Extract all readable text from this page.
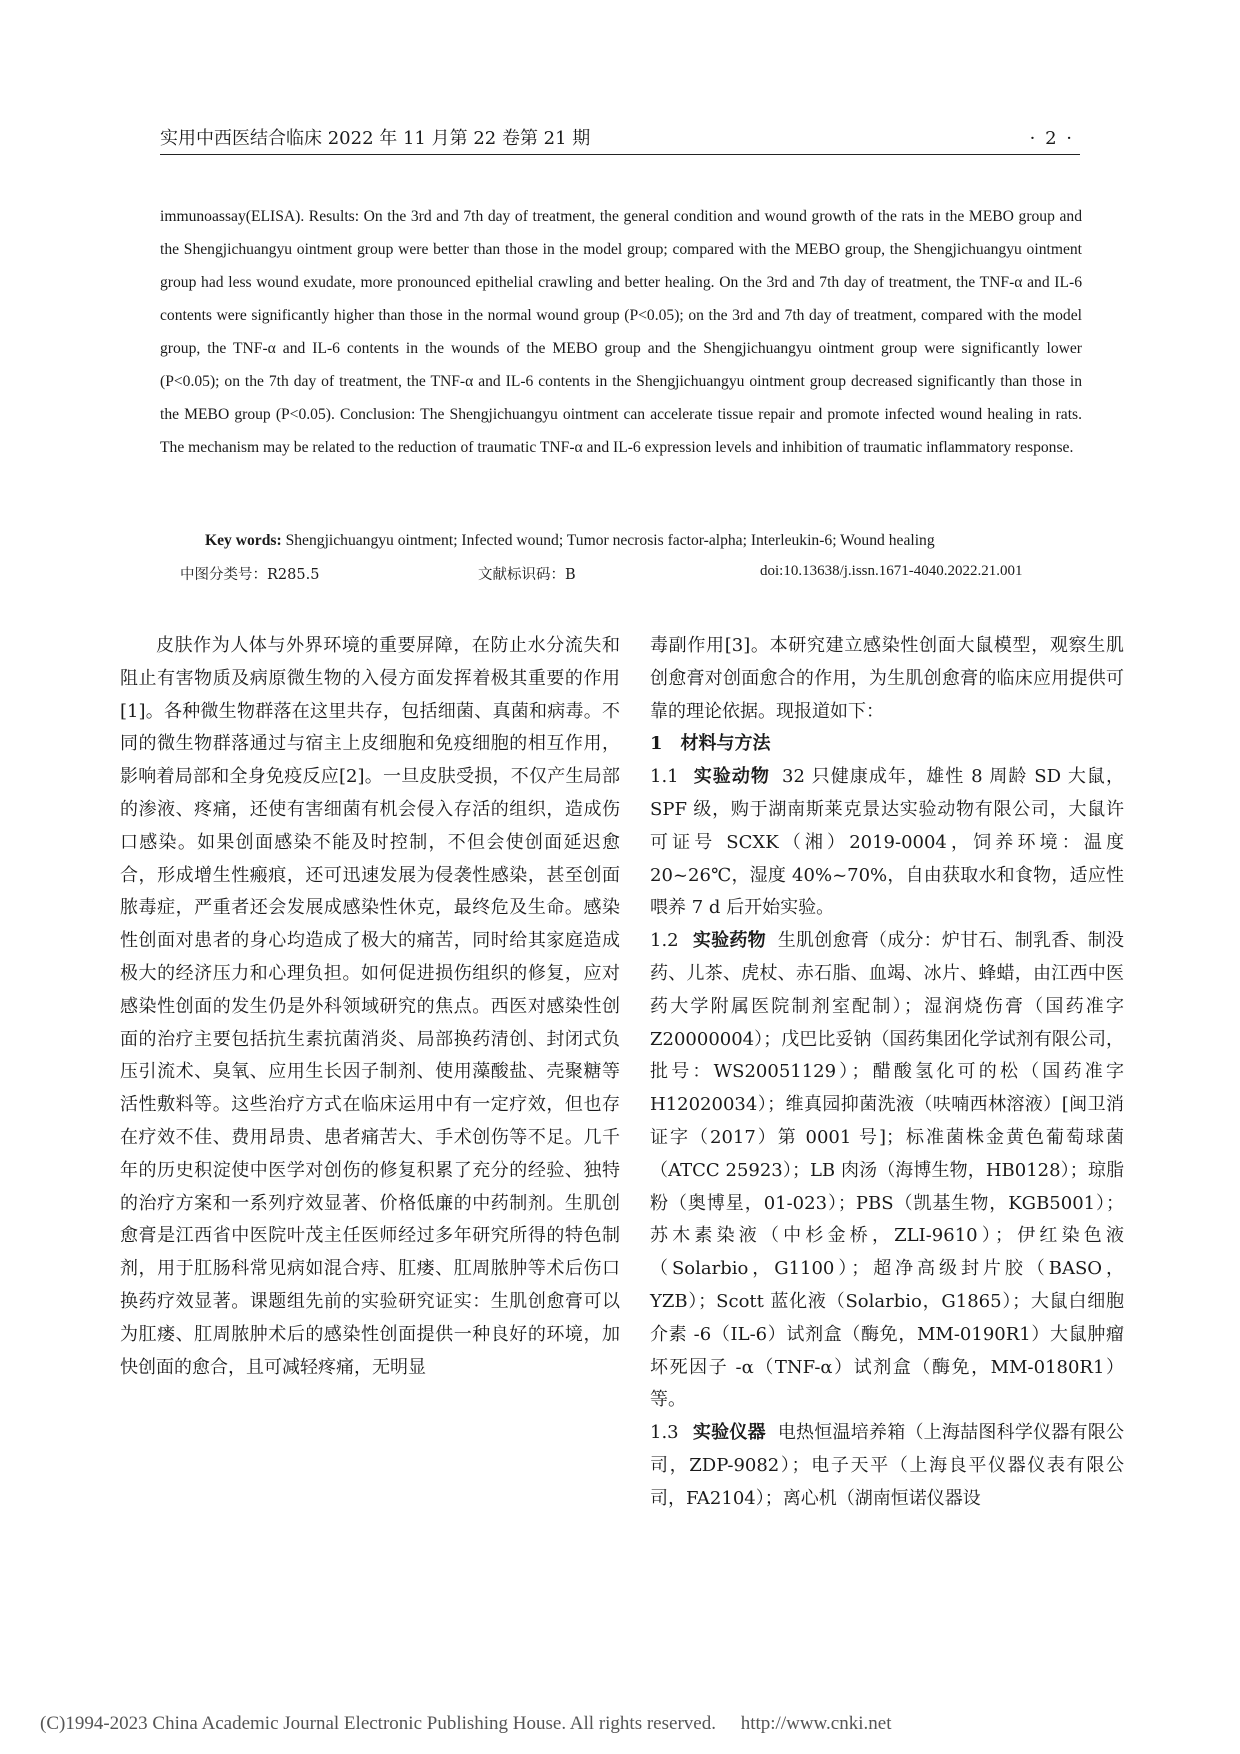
实用中西医结合临床 2022 年 11 月第 22 卷第 21 期	· 2 ·

immunoassay(ELISA). Results: On the 3rd and 7th day of treatment, the general condition and wound growth of the rats in the MEBO group and the Shengjichuangyu ointment group were better than those in the model group; compared with the MEBO group, the Shengjichuangyu ointment group had less wound exudate, more pronounced epithelial crawling and better healing. On the 3rd and 7th day of treatment, the TNF-α and IL-6 contents were significantly higher than those in the normal wound group (P<0.05); on the 3rd and 7th day of treatment, compared with the model group, the TNF-α and IL-6 contents in the wounds of the MEBO group and the Shengjichuangyu ointment group were significantly lower (P<0.05); on the 7th day of treatment, the TNF-α and IL-6 contents in the Shengjichuangyu ointment group decreased significantly than those in the MEBO group (P<0.05). Conclusion: The Shengjichuangyu ointment can accelerate tissue repair and promote infected wound healing in rats. The mechanism may be related to the reduction of traumatic TNF-α and IL-6 expression levels and inhibition of traumatic inflammatory response.

Key words: Shengjichuangyu ointment; Infected wound; Tumor necrosis factor-alpha; Interleukin-6; Wound healing
中图分类号：R285.5	文献标识码：B	doi:10.13638/j.issn.1671-4040.2022.21.001

皮肤作为人体与外界环境的重要屏障，在防止水分流失和阻止有害物质及病原微生物的入侵方面发挥着极其重要的作用[1]。各种微生物群落在这里共存，包括细菌、真菌和病毒。不同的微生物群落通过与宿主上皮细胞和免疫细胞的相互作用，影响着局部和全身免疫反应[2]。一旦皮肤受损，不仅产生局部的渗液、疼痛，还使有害细菌有机会侵入存活的组织，造成伤口感染。如果创面感染不能及时控制，不但会使创面延迟愈合，形成增生性瘢痕，还可迅速发展为侵袭性感染，甚至创面脓毒症，严重者还会发展成感染性休克，最终危及生命。感染性创面对患者的身心均造成了极大的痛苦，同时给其家庭造成极大的经济压力和心理负担。如何促进损伤组织的修复，应对感染性创面的发生仍是外科领域研究的焦点。西医对感染性创面的治疗主要包括抗生素抗菌消炎、局部换药清创、封闭式负压引流术、臭氧、应用生长因子制剂、使用藻酸盐、壳聚糖等活性敷料等。这些治疗方式在临床运用中有一定疗效，但也存在疗效不佳、费用昂贵、患者痛苦大、手术创伤等不足。几千年的历史积淀使中医学对创伤的修复积累了充分的经验、独特的治疗方案和一系列疗效显著、价格低廉的中药制剂。生肌创愈膏是江西省中医院叶茂主任医师经过多年研究所得的特色制剂，用于肛肠科常见病如混合痔、肛瘘、肛周脓肿等术后伤口换药疗效显著。课题组先前的实验研究证实：生肌创愈膏可以为肛瘘、肛周脓肿术后的感染性创面提供一种良好的环境，加快创面的愈合，且可减轻疼痛，无明显

毒副作用[3]。本研究建立感染性创面大鼠模型，观察生肌创愈膏对创面愈合的作用，为生肌创愈膏的临床应用提供可靠的理论依据。现报道如下：

1　材料与方法

1.1 实验动物 32 只健康成年，雄性 8 周龄 SD 大鼠，SPF 级，购于湖南斯莱克景达实验动物有限公司，大鼠许可证号 SCXK（湘）2019-0004，饲养环境：温度 20~26℃，湿度 40%~70%，自由获取水和食物，适应性喂养 7 d 后开始实验。

1.2 实验药物 生肌创愈膏（成分：炉甘石、制乳香、制没药、儿茶、虎杖、赤石脂、血竭、冰片、蜂蜡，由江西中医药大学附属医院制剂室配制）；湿润烧伤膏（国药准字 Z20000004）；戊巴比妥钠（国药集团化学试剂有限公司，批号：WS20051129）；醋酸氢化可的松（国药准字 H12020034）；维真园抑菌洗液（呋喃西林溶液）[闽卫消证字（2017）第 0001 号]；标准菌株金黄色葡萄球菌（ATCC 25923）；LB 肉汤（海博生物，HB0128）；琼脂粉（奥博星，01-023）；PBS（凯基生物，KGB5001）；苏木素染液（中杉金桥，ZLI-9610）；伊红染色液（Solarbio，G1100）；超净高级封片胶（BASO，YZB）；Scott 蓝化液（Solarbio，G1865）；大鼠白细胞介素 -6（IL-6）试剂盒（酶免，MM-0190R1）大鼠肿瘤坏死因子 -α（TNF-α）试剂盒（酶免，MM-0180R1）等。

1.3 实验仪器 电热恒温培养箱（上海喆图科学仪器有限公司，ZDP-9082）；电子天平（上海良平仪器仪表有限公司，FA2104）；离心机（湖南恒诺仪器设

(C)1994-2023 China Academic Journal Electronic Publishing House. All rights reserved. http://www.cnki.net
